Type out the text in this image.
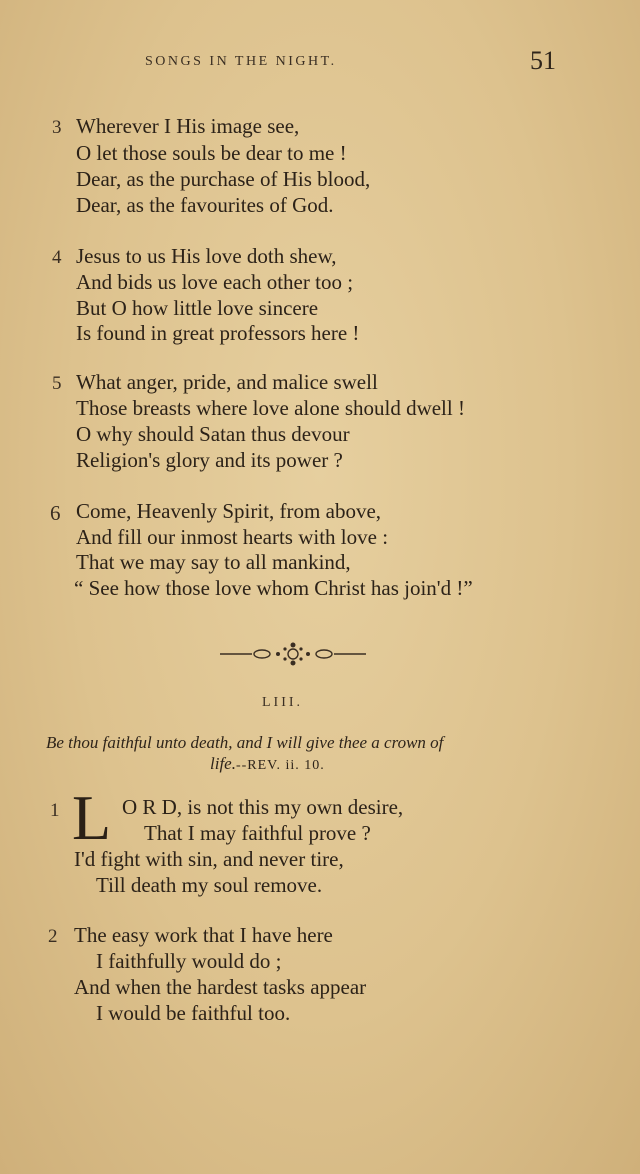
SONGS IN THE NIGHT.	51
3 Wherever I His image see,
O let those souls be dear to me !
Dear, as the purchase of His blood,
Dear, as the favourites of God.
4 Jesus to us His love doth shew,
And bids us love each other too ;
But O how little love sincere
Is found in great professors here !
5 What anger, pride, and malice swell
Those breasts where love alone should dwell !
O why should Satan thus devour
Religion's glory and its power ?
6 Come, Heavenly Spirit, from above,
And fill our inmost hearts with love :
That we may say to all mankind,
“ See how those love whom Christ has join'd !”
LIII.
Be thou faithful unto death, and I will give thee a crown of
life.--REV. ii. 10.
1 L O R D, is not this my own desire,
That I may faithful prove ?
I'd fight with sin, and never tire,
Till death my soul remove.
2 The easy work that I have here
I faithfully would do ;
And when the hardest tasks appear
I would be faithful too.
